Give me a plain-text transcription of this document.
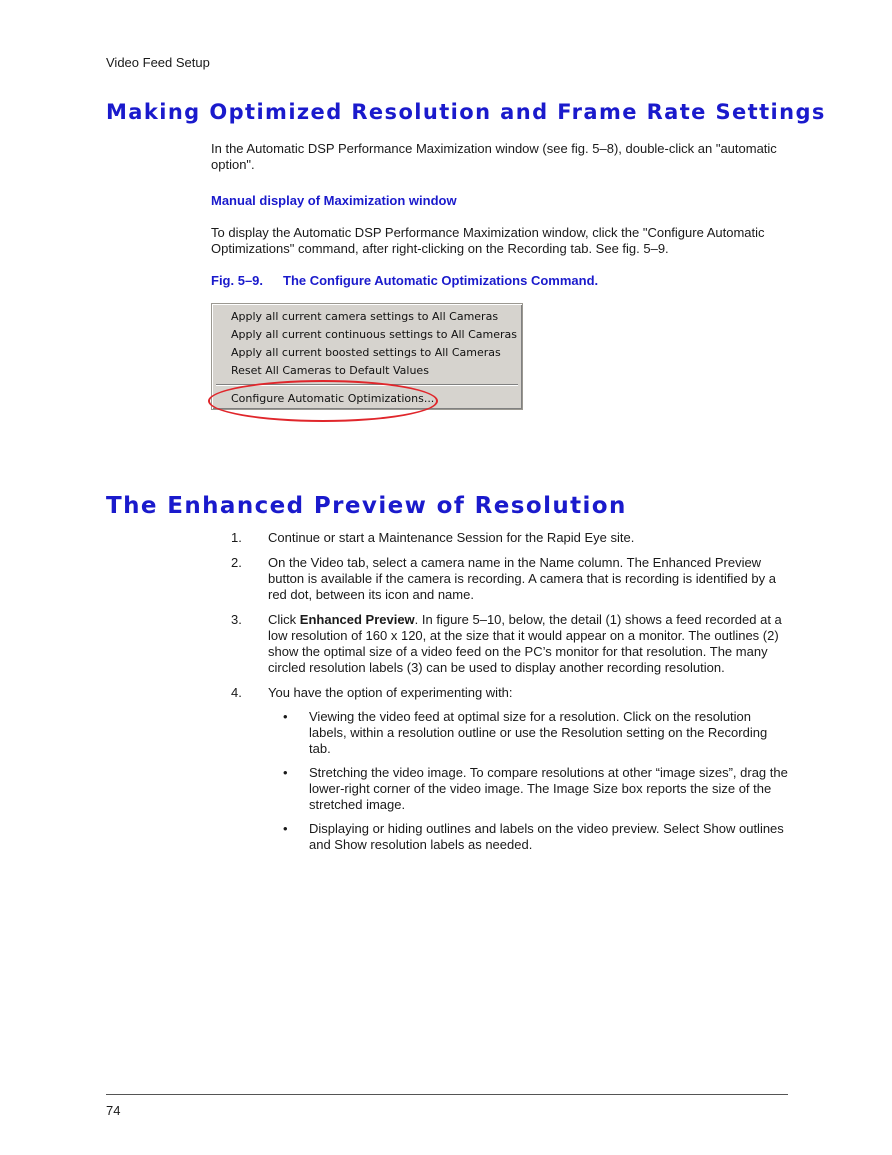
Video Feed Setup
Making Optimized Resolution and Frame Rate Settings
In the Automatic DSP Performance Maximization window (see fig. 5–8), double-click an "automatic option".
Manual display of Maximization window
To display the Automatic DSP Performance Maximization window, click the "Configure Automatic Optimizations" command, after right-clicking on the Recording tab. See fig. 5–9.
Fig. 5–9. The Configure Automatic Optimizations Command.
Apply all current camera settings to All Cameras
Apply all current continuous settings to All Cameras
Apply all current boosted settings to All Cameras
Reset All Cameras to Default Values
Configure Automatic Optimizations...
The Enhanced Preview of Resolution
1. Continue or start a Maintenance Session for the Rapid Eye site.
2. On the Video tab, select a camera name in the Name column. The Enhanced Preview button is available if the camera is recording. A camera that is recording is identified by a red dot, between its icon and name.
3. Click Enhanced Preview. In figure 5–10, below, the detail (1) shows a feed recorded at a low resolution of 160 x 120, at the size that it would appear on a monitor. The outlines (2) show the optimal size of a video feed on the PC’s monitor for that resolution. The many circled resolution labels (3) can be used to display another recording resolution.
4. You have the option of experimenting with:
• Viewing the video feed at optimal size for a resolution. Click on the resolution labels, within a resolution outline or use the Resolution setting on the Recording tab.
• Stretching the video image. To compare resolutions at other “image sizes”, drag the lower-right corner of the video image. The Image Size box reports the size of the stretched image.
• Displaying or hiding outlines and labels on the video preview. Select Show outlines and Show resolution labels as needed.
74
